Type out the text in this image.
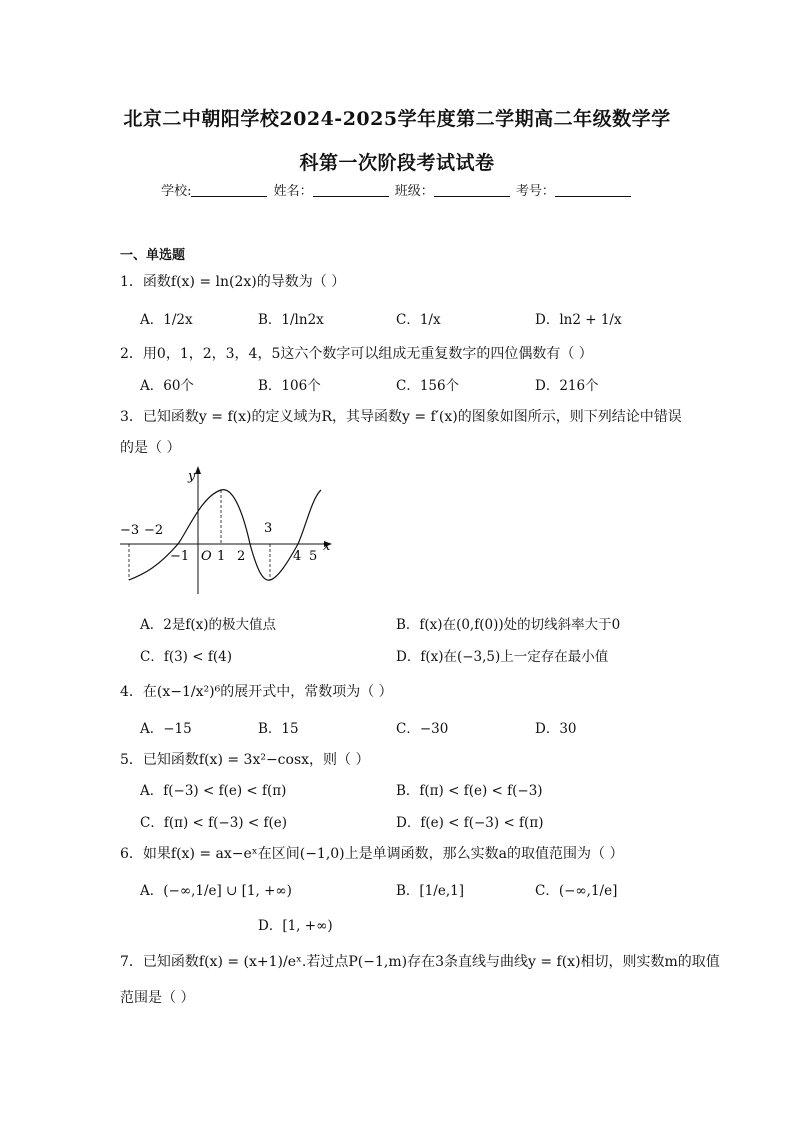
北京二中朝阳学校2024-2025学年度第二学期高二年级数学学
科第一次阶段考试试卷
学校:	姓名：	班级：	考号：
一、单选题
1．函数f(x) = ln(2x)的导数为（ ）
A．1/2x	B．1/ln2x	C．1/x	D．ln2 + 1/x
2．用0，1，2，3，4，5这六个数字可以组成无重复数字的四位偶数有（ ）
A．60个	B．106个	C．156个	D．216个
3．已知函数y = f(x)的定义域为R，其导函数y = f′(x)的图象如图所示，则下列结论中错误
的是（ ）
y
x
O
−3 −2
−1 1 2
3
4 5
A．2是f(x)的极大值点	B．f(x)在(0,f(0))处的切线斜率大于0
C．f(3) < f(4)	D．f(x)在(−3,5)上一定存在最小值
4．在(x−1/x²)⁶的展开式中，常数项为（ ）
A．−15	B．15	C．−30	D．30
5．已知函数f(x) = 3x²−cosx，则（ ）
A．f(−3) < f(e) < f(π)	B．f(π) < f(e) < f(−3)
C．f(π) < f(−3) < f(e)	D．f(e) < f(−3) < f(π)
6．如果f(x) = ax−eˣ在区间(−1,0)上是单调函数，那么实数a的取值范围为（ ）
A．(−∞,1/e] ∪ [1, +∞)	B．[1/e,1]	C．(−∞,1/e]
D．[1, +∞)
7．已知函数f(x) = (x+1)/eˣ.若过点P(−1,m)存在3条直线与曲线y = f(x)相切，则实数m的取值
范围是（ ）
